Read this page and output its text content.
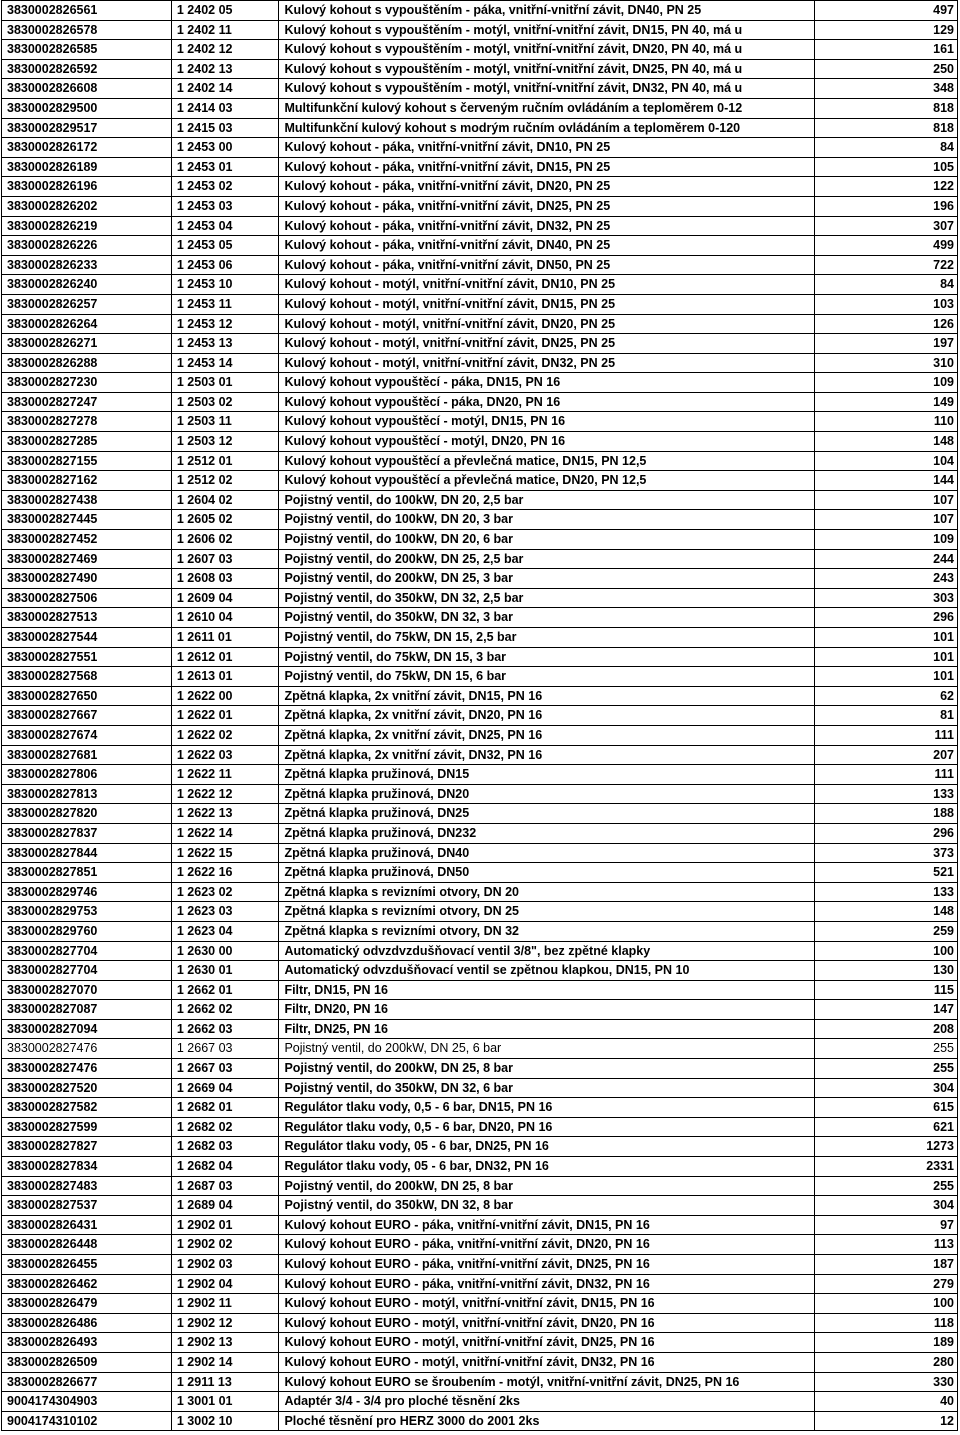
3830002826561	1 2402 05	Kulový kohout s vypouštěním - páka, vnitřní-vnitřní závit, DN40, PN 25	497
3830002826578	1 2402 11	Kulový kohout s vypouštěním - motýl, vnitřní-vnitřní závit, DN15, PN 40, má u	129
3830002826585	1 2402 12	Kulový kohout s vypouštěním - motýl, vnitřní-vnitřní závit, DN20, PN 40, má u	161
3830002826592	1 2402 13	Kulový kohout s vypouštěním - motýl, vnitřní-vnitřní závit, DN25, PN 40, má u	250
3830002826608	1 2402 14	Kulový kohout s vypouštěním - motýl, vnitřní-vnitřní závit, DN32, PN 40, má u	348
3830002829500	1 2414 03	Multifunkční kulový kohout s červeným ručním ovládáním a teploměrem 0-12	818
3830002829517	1 2415 03	Multifunkční kulový kohout s modrým ručním ovládáním a teploměrem 0-120	818
3830002826172	1 2453 00	Kulový kohout - páka, vnitřní-vnitřní závit, DN10, PN 25	84
3830002826189	1 2453 01	Kulový kohout - páka, vnitřní-vnitřní závit, DN15, PN 25	105
3830002826196	1 2453 02	Kulový kohout - páka, vnitřní-vnitřní závit, DN20, PN 25	122
3830002826202	1 2453 03	Kulový kohout - páka, vnitřní-vnitřní závit, DN25, PN 25	196
3830002826219	1 2453 04	Kulový kohout - páka, vnitřní-vnitřní závit, DN32, PN 25	307
3830002826226	1 2453 05	Kulový kohout - páka, vnitřní-vnitřní závit, DN40, PN 25	499
3830002826233	1 2453 06	Kulový kohout - páka, vnitřní-vnitřní závit, DN50, PN 25	722
3830002826240	1 2453 10	Kulový kohout - motýl, vnitřní-vnitřní závit, DN10, PN 25	84
3830002826257	1 2453 11	Kulový kohout - motýl, vnitřní-vnitřní závit, DN15, PN 25	103
3830002826264	1 2453 12	Kulový kohout - motýl, vnitřní-vnitřní závit, DN20, PN 25	126
3830002826271	1 2453 13	Kulový kohout - motýl, vnitřní-vnitřní závit, DN25, PN 25	197
3830002826288	1 2453 14	Kulový kohout - motýl, vnitřní-vnitřní závit, DN32, PN 25	310
3830002827230	1 2503 01	Kulový kohout vypouštěcí - páka, DN15, PN 16	109
3830002827247	1 2503 02	Kulový kohout vypouštěcí - páka, DN20, PN 16	149
3830002827278	1 2503 11	Kulový kohout vypouštěcí - motýl, DN15, PN 16	110
3830002827285	1 2503 12	Kulový kohout vypouštěcí - motýl, DN20, PN 16	148
3830002827155	1 2512 01	Kulový kohout vypouštěcí a převlečná matice, DN15, PN 12,5	104
3830002827162	1 2512 02	Kulový kohout vypouštěcí a převlečná matice, DN20, PN 12,5	144
3830002827438	1 2604 02	Pojistný ventil, do 100kW, DN 20, 2,5 bar	107
3830002827445	1 2605 02	Pojistný ventil, do 100kW, DN 20, 3 bar	107
3830002827452	1 2606 02	Pojistný ventil, do 100kW, DN 20, 6 bar	109
3830002827469	1 2607 03	Pojistný ventil, do 200kW, DN 25, 2,5 bar	244
3830002827490	1 2608 03	Pojistný ventil, do 200kW, DN 25, 3 bar	243
3830002827506	1 2609 04	Pojistný ventil, do 350kW, DN 32, 2,5 bar	303
3830002827513	1 2610 04	Pojistný ventil, do 350kW, DN 32, 3 bar	296
3830002827544	1 2611 01	Pojistný ventil, do 75kW, DN 15, 2,5 bar	101
3830002827551	1 2612 01	Pojistný ventil, do 75kW, DN 15, 3 bar	101
3830002827568	1 2613 01	Pojistný ventil, do 75kW, DN 15, 6 bar	101
3830002827650	1 2622 00	Zpětná klapka, 2x vnitřní závit, DN15, PN 16	62
3830002827667	1 2622 01	Zpětná klapka, 2x vnitřní závit, DN20, PN 16	81
3830002827674	1 2622 02	Zpětná klapka, 2x vnitřní závit, DN25, PN 16	111
3830002827681	1 2622 03	Zpětná klapka, 2x vnitřní závit, DN32, PN 16	207
3830002827806	1 2622 11	Zpětná klapka pružinová, DN15	111
3830002827813	1 2622 12	Zpětná klapka pružinová, DN20	133
3830002827820	1 2622 13	Zpětná klapka pružinová, DN25	188
3830002827837	1 2622 14	Zpětná klapka pružinová, DN232	296
3830002827844	1 2622 15	Zpětná klapka pružinová, DN40	373
3830002827851	1 2622 16	Zpětná klapka pružinová, DN50	521
3830002829746	1 2623 02	Zpětná klapka s revizními otvory, DN 20	133
3830002829753	1 2623 03	Zpětná klapka s revizními otvory, DN 25	148
3830002829760	1 2623 04	Zpětná klapka s revizními otvory, DN 32	259
3830002827704	1 2630 00	Automatický odvzdvzdušňovací ventil 3/8", bez zpětné klapky	100
3830002827704	1 2630 01	Automatický odvzdušňovací ventil se zpětnou klapkou, DN15, PN 10	130
3830002827070	1 2662 01	Filtr, DN15, PN 16	115
3830002827087	1 2662 02	Filtr, DN20, PN 16	147
3830002827094	1 2662 03	Filtr, DN25, PN 16	208
3830002827476	1 2667 03	Pojistný ventil, do 200kW, DN 25, 6 bar	255
3830002827476	1 2667 03	Pojistný ventil, do 200kW, DN 25, 8 bar	255
3830002827520	1 2669 04	Pojistný ventil, do 350kW, DN 32, 6 bar	304
3830002827582	1 2682 01	Regulátor tlaku vody, 0,5 - 6 bar, DN15, PN 16	615
3830002827599	1 2682 02	Regulátor tlaku vody, 0,5 - 6 bar, DN20, PN 16	621
3830002827827	1 2682 03	Regulátor tlaku vody, 05 - 6 bar, DN25, PN 16	1273
3830002827834	1 2682 04	Regulátor tlaku vody, 05 - 6 bar, DN32, PN 16	2331
3830002827483	1 2687 03	Pojistný ventil, do 200kW, DN 25, 8 bar	255
3830002827537	1 2689 04	Pojistný ventil, do 350kW, DN 32, 8 bar	304
3830002826431	1 2902 01	Kulový kohout EURO - páka, vnitřní-vnitřní závit, DN15, PN 16	97
3830002826448	1 2902 02	Kulový kohout EURO - páka, vnitřní-vnitřní závit, DN20, PN 16	113
3830002826455	1 2902 03	Kulový kohout EURO - páka, vnitřní-vnitřní závit, DN25, PN 16	187
3830002826462	1 2902 04	Kulový kohout EURO - páka, vnitřní-vnitřní závit, DN32, PN 16	279
3830002826479	1 2902 11	Kulový kohout EURO - motýl, vnitřní-vnitřní závit, DN15, PN 16	100
3830002826486	1 2902 12	Kulový kohout EURO - motýl, vnitřní-vnitřní závit, DN20, PN 16	118
3830002826493	1 2902 13	Kulový kohout EURO - motýl, vnitřní-vnitřní závit, DN25, PN 16	189
3830002826509	1 2902 14	Kulový kohout EURO - motýl, vnitřní-vnitřní závit, DN32, PN 16	280
3830002826677	1 2911 13	Kulový kohout EURO se šroubením - motýl, vnitřní-vnitřní závit, DN25, PN 16	330
9004174304903	1 3001 01	Adaptér 3/4 - 3/4 pro ploché těsnění 2ks	40
9004174310102	1 3002 10	Ploché těsnění pro HERZ 3000 do 2001 2ks	12
